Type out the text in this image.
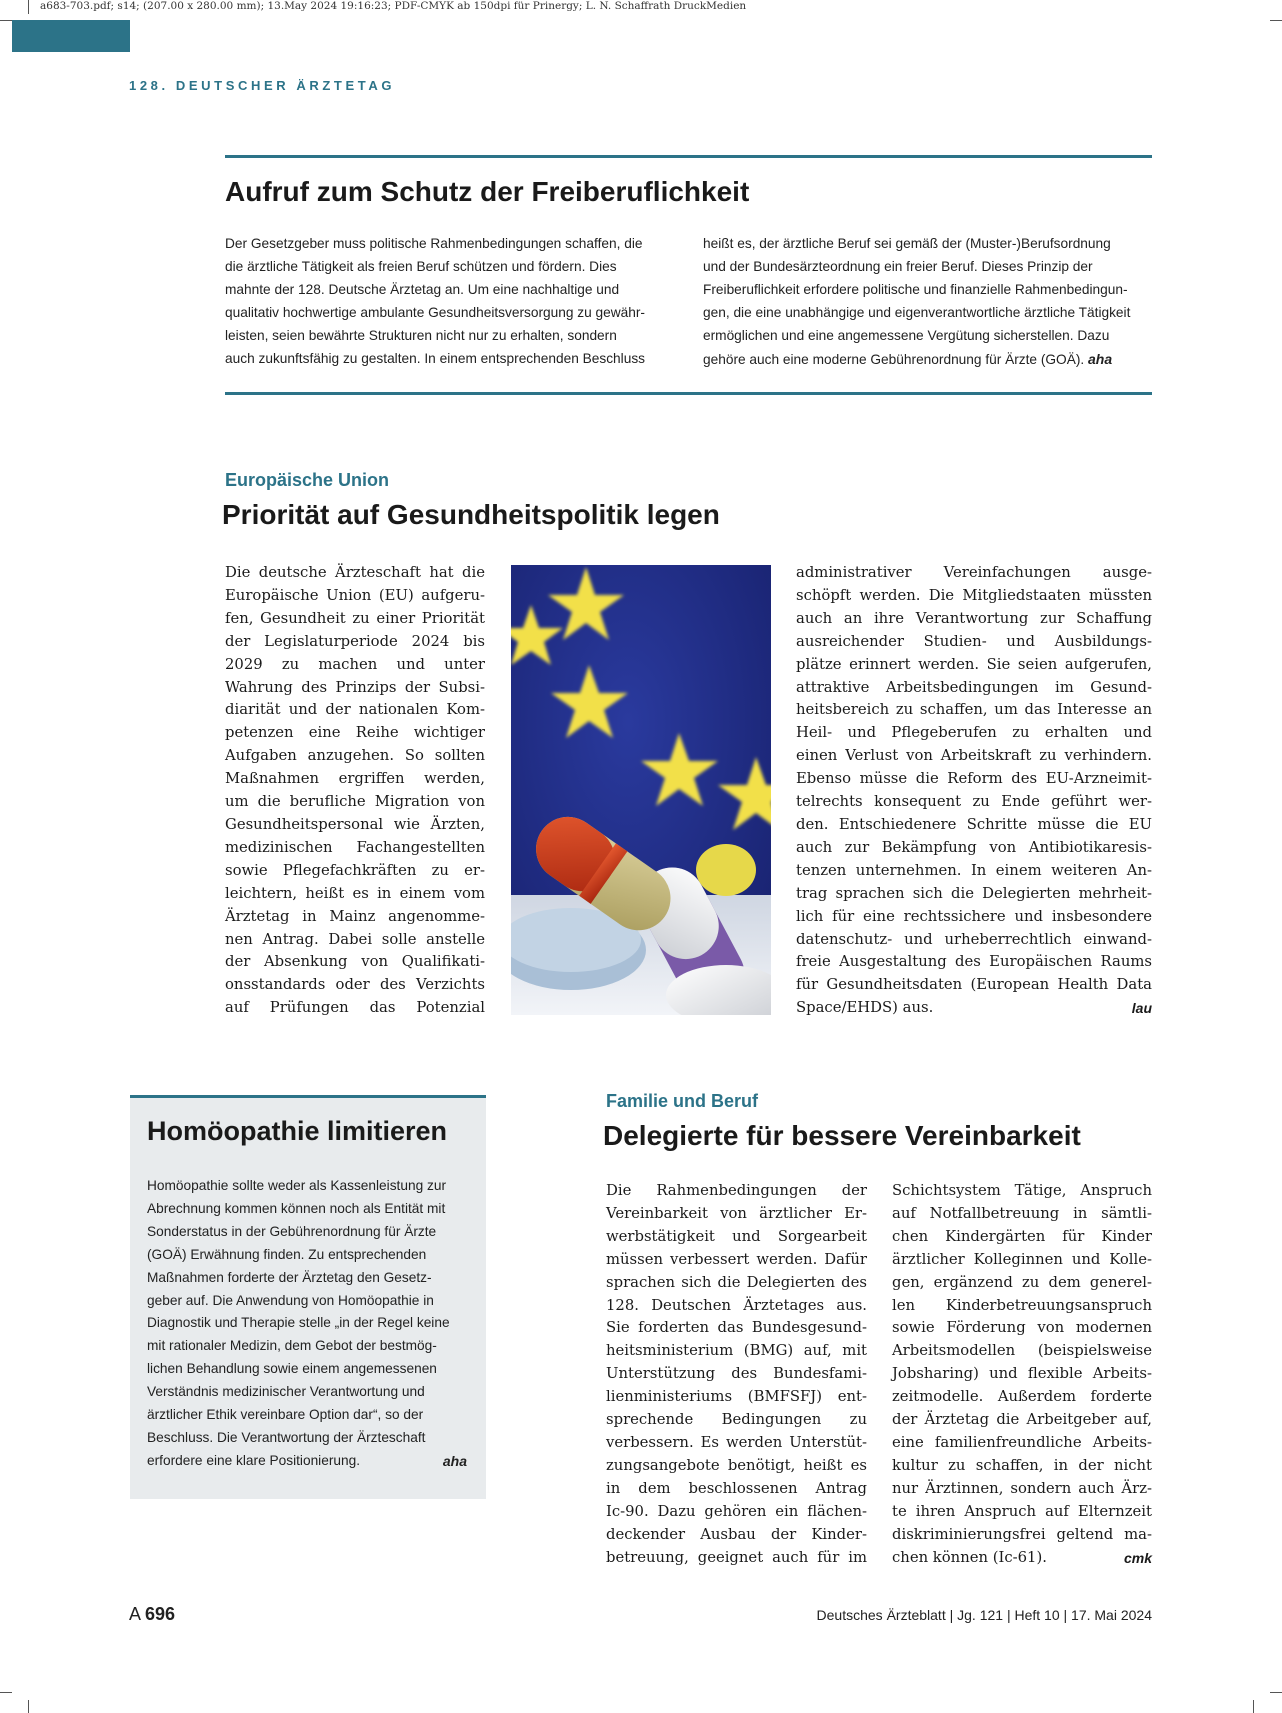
a683-703.pdf; s14; (207.00 x 280.00 mm); 13.May 2024 19:16:23; PDF-CMYK ab 150dpi für Prinergy; L. N. Schaffrath DruckMedien
128. DEUTSCHER ÄRZTETAG
Aufruf zum Schutz der Freiberuflichkeit
Der Gesetzgeber muss politische Rahmenbedingungen schaffen, die
die ärztliche Tätigkeit als freien Beruf schützen und fördern. Dies
mahnte der 128. Deutsche Ärztetag an. Um eine nachhaltige und
qualitativ hochwertige ambulante Gesundheitsversorgung zu gewähr-
leisten, seien bewährte Strukturen nicht nur zu erhalten, sondern
auch zukunftsfähig zu gestalten. In einem entsprechenden Beschluss
heißt es, der ärztliche Beruf sei gemäß der (Muster-)Berufsordnung
und der Bundesärzteordnung ein freier Beruf. Dieses Prinzip der
Freiberuflichkeit erfordere politische und finanzielle Rahmenbedingun-
gen, die eine unabhängige und eigenverantwortliche ärztliche Tätigkeit
ermöglichen und eine angemessene Vergütung sicherstellen. Dazu
gehöre auch eine moderne Gebührenordnung für Ärzte (GOÄ). aha
Europäische Union
Priorität auf Gesundheitspolitik legen
Die deutsche Ärzteschaft hat die
Europäische Union (EU) aufgeru-
fen, Gesundheit zu einer Priorität
der Legislaturperiode 2024 bis
2029 zu machen und unter
Wahrung des Prinzips der Subsi-
diarität und der nationalen Kom-
petenzen eine Reihe wichtiger
Aufgaben anzugehen. So sollten
Maßnahmen ergriffen werden,
um die berufliche Migration von
Gesundheitspersonal wie Ärzten,
medizinischen Fachangestellten
sowie Pflegefachkräften zu er-
leichtern, heißt es in einem vom
Ärztetag in Mainz angenomme-
nen Antrag. Dabei solle anstelle
der Absenkung von Qualifikati-
onsstandards oder des Verzichts
auf Prüfungen das Potenzial
administrativer Vereinfachungen ausge-
schöpft werden. Die Mitgliedstaaten müssten
auch an ihre Verantwortung zur Schaffung
ausreichender Studien- und Ausbildungs-
plätze erinnert werden. Sie seien aufgerufen,
attraktive Arbeitsbedingungen im Gesund-
heitsbereich zu schaffen, um das Interesse an
Heil- und Pflegeberufen zu erhalten und
einen Verlust von Arbeitskraft zu verhindern.
Ebenso müsse die Reform des EU-Arzneimit-
telrechts konsequent zu Ende geführt wer-
den. Entschiedenere Schritte müsse die EU
auch zur Bekämpfung von Antibiotikaresis-
tenzen unternehmen. In einem weiteren An-
trag sprachen sich die Delegierten mehrheit-
lich für eine rechtssichere und insbesondere
datenschutz- und urheberrechtlich einwand-
freie Ausgestaltung des Europäischen Raums
für Gesundheitsdaten (European Health Data
Space/EHDS) aus.	lau
Homöopathie limitieren
Homöopathie sollte weder als Kassenleistung zur
Abrechnung kommen können noch als Entität mit
Sonderstatus in der Gebührenordnung für Ärzte
(GOÄ) Erwähnung finden. Zu entsprechenden
Maßnahmen forderte der Ärztetag den Gesetz-
geber auf. Die Anwendung von Homöopathie in
Diagnostik und Therapie stelle „in der Regel keine
mit rationaler Medizin, dem Gebot der bestmög-
lichen Behandlung sowie einem angemessenen
Verständnis medizinischer Verantwortung und
ärztlicher Ethik vereinbare Option dar“, so der
Beschluss. Die Verantwortung der Ärzteschaft
erfordere eine klare Positionierung.	aha
Familie und Beruf
Delegierte für bessere Vereinbarkeit
Die Rahmenbedingungen der
Vereinbarkeit von ärztlicher Er-
werbstätigkeit und Sorgearbeit
müssen verbessert werden. Dafür
sprachen sich die Delegierten des
128. Deutschen Ärztetages aus.
Sie forderten das Bundesgesund-
heitsministerium (BMG) auf, mit
Unterstützung des Bundesfami-
lienministeriums (BMFSFJ) ent-
sprechende Bedingungen zu
verbessern. Es werden Unterstüt-
zungsangebote benötigt, heißt es
in dem beschlossenen Antrag
Ic-90. Dazu gehören ein flächen-
deckender Ausbau der Kinder-
betreuung, geeignet auch für im
Schichtsystem Tätige, Anspruch
auf Notfallbetreuung in sämtli-
chen Kindergärten für Kinder
ärztlicher Kolleginnen und Kolle-
gen, ergänzend zu dem generel-
len Kinderbetreuungsanspruch
sowie Förderung von modernen
Arbeitsmodellen (beispielsweise
Jobsharing) und flexible Arbeits-
zeitmodelle. Außerdem forderte
der Ärztetag die Arbeitgeber auf,
eine familienfreundliche Arbeits-
kultur zu schaffen, in der nicht
nur Ärztinnen, sondern auch Ärz-
te ihren Anspruch auf Elternzeit
diskriminierungsfrei geltend ma-
chen können (Ic-61).	cmk
A 696	Deutsches Ärzteblatt | Jg. 121 | Heft 10 | 17. Mai 2024
